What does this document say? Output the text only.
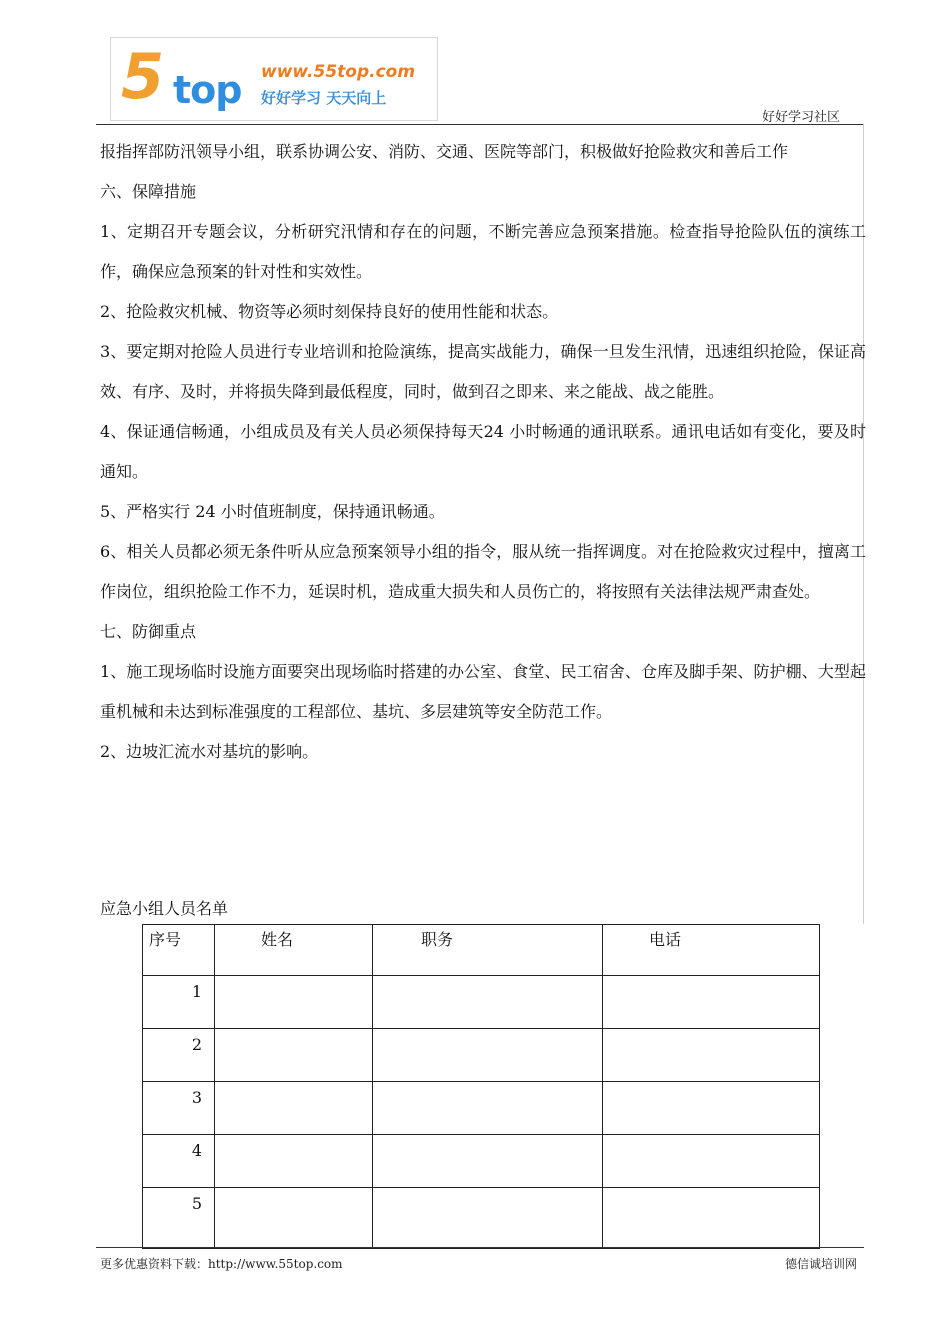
5 top www.55top.com
好好学习 天天向上
好好学习社区

报指挥部防汛领导小组，联系协调公安、消防、交通、医院等部门，积极做好抢险救灾和善后工作

六、保障措施

1、定期召开专题会议，分析研究汛情和存在的问题，不断完善应急预案措施。检查指导抢险队伍的演练工作，确保应急预案的针对性和实效性。

2、抢险救灾机械、物资等必须时刻保持良好的使用性能和状态。

3、要定期对抢险人员进行专业培训和抢险演练，提高实战能力，确保一旦发生汛情，迅速组织抢险，保证高效、有序、及时，并将损失降到最低程度，同时，做到召之即来、来之能战、战之能胜。

4、保证通信畅通，小组成员及有关人员必须保持每天24 小时畅通的通讯联系。通讯电话如有变化，要及时通知。

5、严格实行 24 小时值班制度，保持通讯畅通。

6、相关人员都必须无条件听从应急预案领导小组的指令，服从统一指挥调度。对在抢险救灾过程中，擅离工作岗位，组织抢险工作不力，延误时机，造成重大损失和人员伤亡的，将按照有关法律法规严肃查处。

七、防御重点

1、施工现场临时设施方面要突出现场临时搭建的办公室、食堂、民工宿舍、仓库及脚手架、防护棚、大型起重机械和未达到标准强度的工程部位、基坑、多层建筑等安全防范工作。

2、边坡汇流水对基坑的影响。

应急小组人员名单
序号	姓名	职务	电话
1			
2			
3			
4			
5			
更多优惠资料下载：http://www.55top.com	德信诚培训网
